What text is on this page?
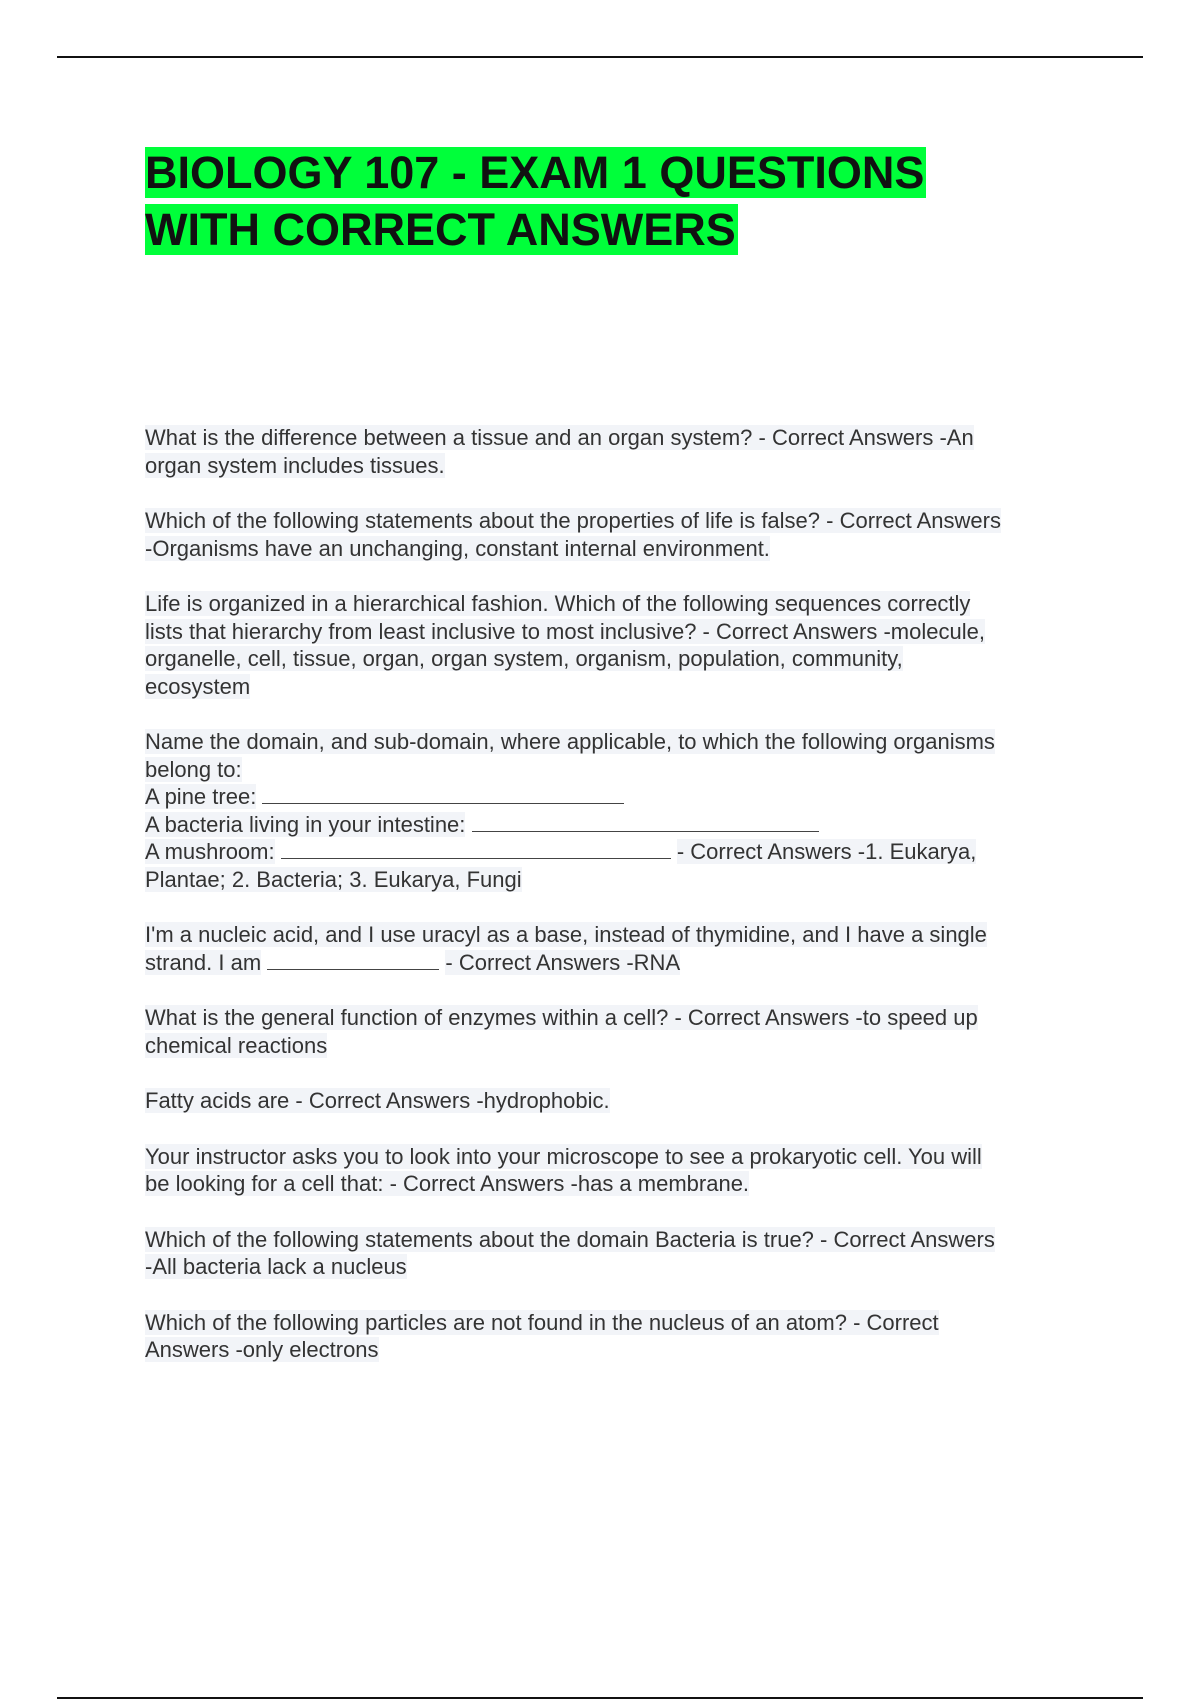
BIOLOGY 107 - EXAM 1 QUESTIONS
WITH CORRECT ANSWERS

What is the difference between a tissue and an organ system? - Correct Answers -An
organ system includes tissues.

Which of the following statements about the properties of life is false? - Correct Answers
-Organisms have an unchanging, constant internal environment.

Life is organized in a hierarchical fashion. Which of the following sequences correctly
lists that hierarchy from least inclusive to most inclusive? - Correct Answers -molecule,
organelle, cell, tissue, organ, organ system, organism, population, community,
ecosystem

Name the domain, and sub-domain, where applicable, to which the following organisms
belong to:
A pine tree:
A bacteria living in your intestine:
A mushroom:	- Correct Answers -1. Eukarya,
Plantae; 2. Bacteria; 3. Eukarya, Fungi

I'm a nucleic acid, and I use uracyl as a base, instead of thymidine, and I have a single
strand. I am	- Correct Answers -RNA

What is the general function of enzymes within a cell? - Correct Answers -to speed up
chemical reactions

Fatty acids are - Correct Answers -hydrophobic.

Your instructor asks you to look into your microscope to see a prokaryotic cell. You will
be looking for a cell that: - Correct Answers -has a membrane.

Which of the following statements about the domain Bacteria is true? - Correct Answers
-All bacteria lack a nucleus

Which of the following particles are not found in the nucleus of an atom? - Correct
Answers -only electrons
